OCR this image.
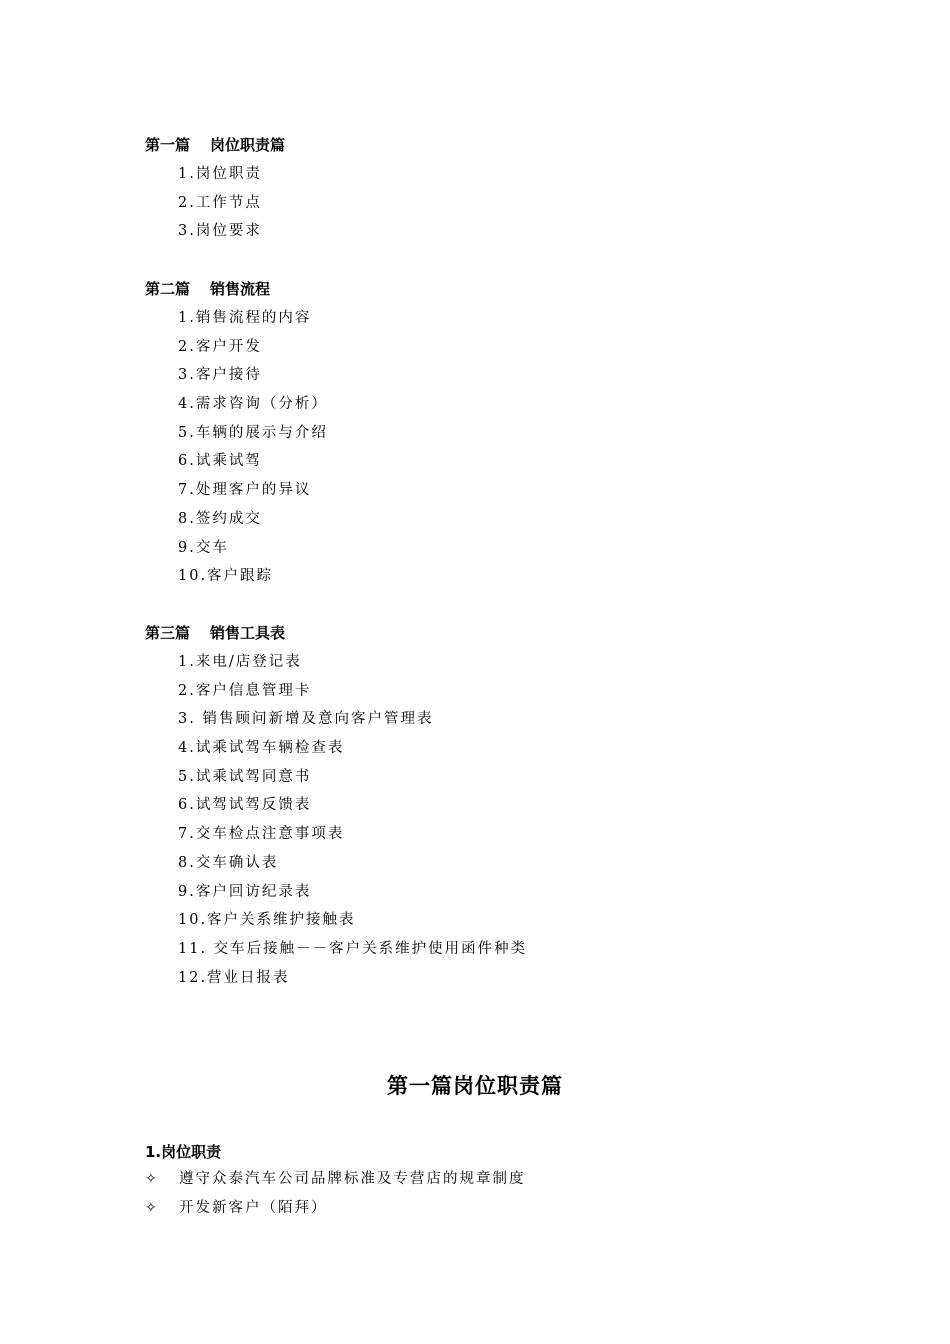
第一篇 岗位职责篇
1.岗位职责
2.工作节点
3.岗位要求
第二篇 销售流程
1.销售流程的内容
2.客户开发
3.客户接待
4.需求咨询（分析）
5.车辆的展示与介绍
6.试乘试驾
7.处理客户的异议
8.签约成交
9.交车
10.客户跟踪
第三篇 销售工具表
1.来电/店登记表
2.客户信息管理卡
3. 销售顾问新增及意向客户管理表
4.试乘试驾车辆检查表
5.试乘试驾同意书
6.试驾试驾反馈表
7.交车检点注意事项表
8.交车确认表
9.客户回访纪录表
10.客户关系维护接触表
11. 交车后接触－－客户关系维护使用函件种类
12.营业日报表
第一篇岗位职责篇
1.岗位职责
✧ 遵守众泰汽车公司品牌标准及专营店的规章制度
✧ 开发新客户（陌拜）
